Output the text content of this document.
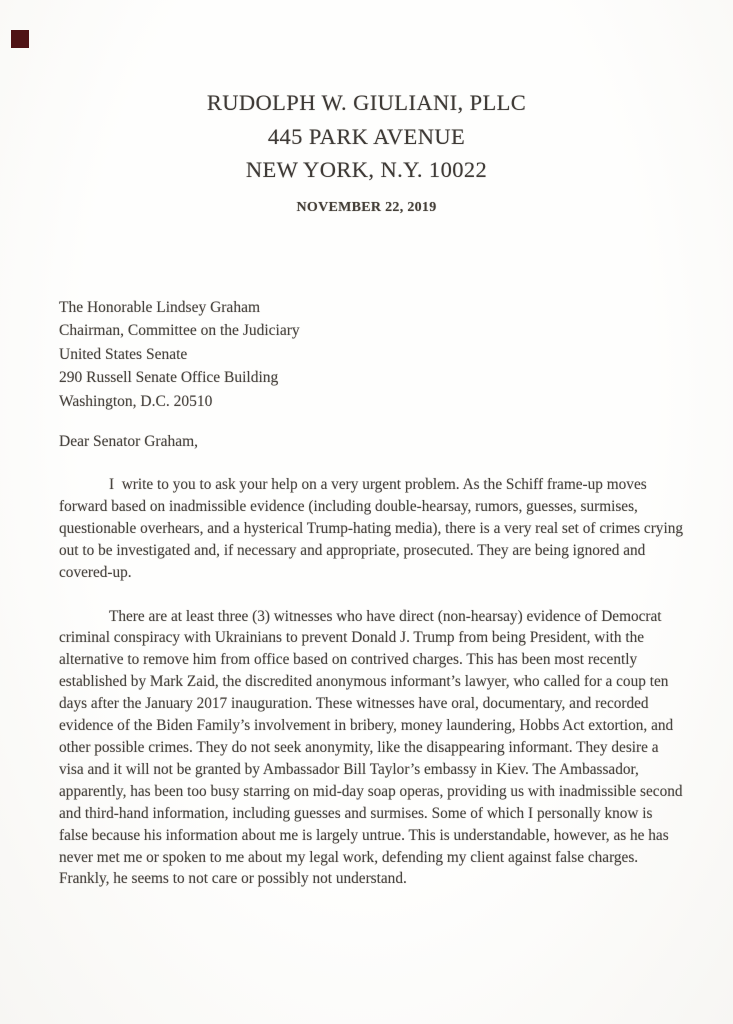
RUDOLPH W. GIULIANI, PLLC
445 PARK AVENUE
NEW YORK, N.Y. 10022
NOVEMBER 22, 2019
The Honorable Lindsey Graham
Chairman, Committee on the Judiciary
United States Senate
290 Russell Senate Office Building
Washington, D.C. 20510
Dear Senator Graham,

I  write to you to ask your help on a very urgent problem. As the Schiff frame-up moves forward based on inadmissible evidence (including double-hearsay, rumors, guesses, surmises, questionable overhears, and a hysterical Trump-hating media), there is a very real set of crimes crying out to be investigated and, if necessary and appropriate, prosecuted. They are being ignored and covered-up.

There are at least three (3) witnesses who have direct (non-hearsay) evidence of Democrat criminal conspiracy with Ukrainians to prevent Donald J. Trump from being President, with the alternative to remove him from office based on contrived charges. This has been most recently established by Mark Zaid, the discredited anonymous informant’s lawyer, who called for a coup ten days after the January 2017 inauguration. These witnesses have oral, documentary, and recorded evidence of the Biden Family’s involvement in bribery, money laundering, Hobbs Act extortion, and other possible crimes. They do not seek anonymity, like the disappearing informant. They desire a visa and it will not be granted by Ambassador Bill Taylor’s embassy in Kiev. The Ambassador, apparently, has been too busy starring on mid-day soap operas, providing us with inadmissible second and third-hand information, including guesses and surmises. Some of which I personally know is false because his information about me is largely untrue. This is understandable, however, as he has never met me or spoken to me about my legal work, defending my client against false charges. Frankly, he seems to not care or possibly not understand.
